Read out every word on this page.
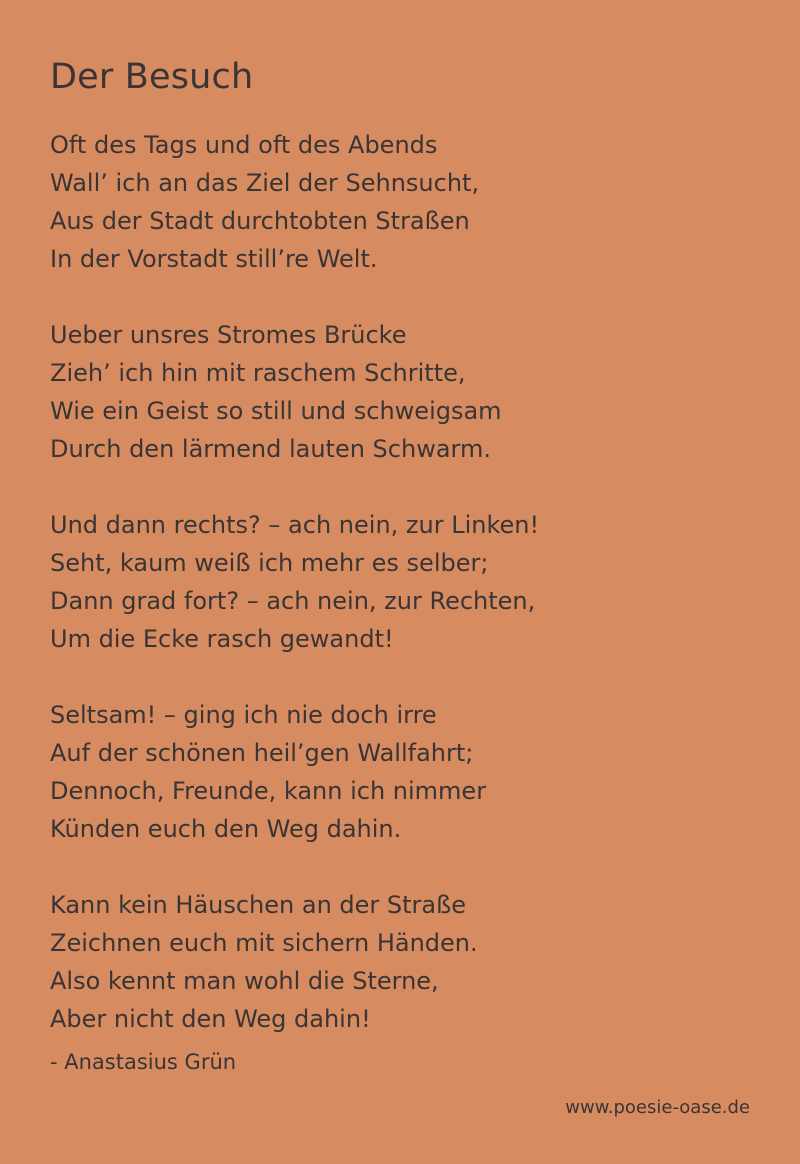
Der Besuch
Oft des Tags und oft des Abends
Wall’ ich an das Ziel der Sehnsucht,
Aus der Stadt durchtobten Straßen
In der Vorstadt still’re Welt.
Ueber unsres Stromes Brücke
Zieh’ ich hin mit raschem Schritte,
Wie ein Geist so still und schweigsam
Durch den lärmend lauten Schwarm.
Und dann rechts? – ach nein, zur Linken!
Seht, kaum weiß ich mehr es selber;
Dann grad fort? – ach nein, zur Rechten,
Um die Ecke rasch gewandt!
Seltsam! – ging ich nie doch irre
Auf der schönen heil’gen Wallfahrt;
Dennoch, Freunde, kann ich nimmer
Künden euch den Weg dahin.
Kann kein Häuschen an der Straße
Zeichnen euch mit sichern Händen.
Also kennt man wohl die Sterne,
Aber nicht den Weg dahin!
- Anastasius Grün
www.poesie-oase.de
